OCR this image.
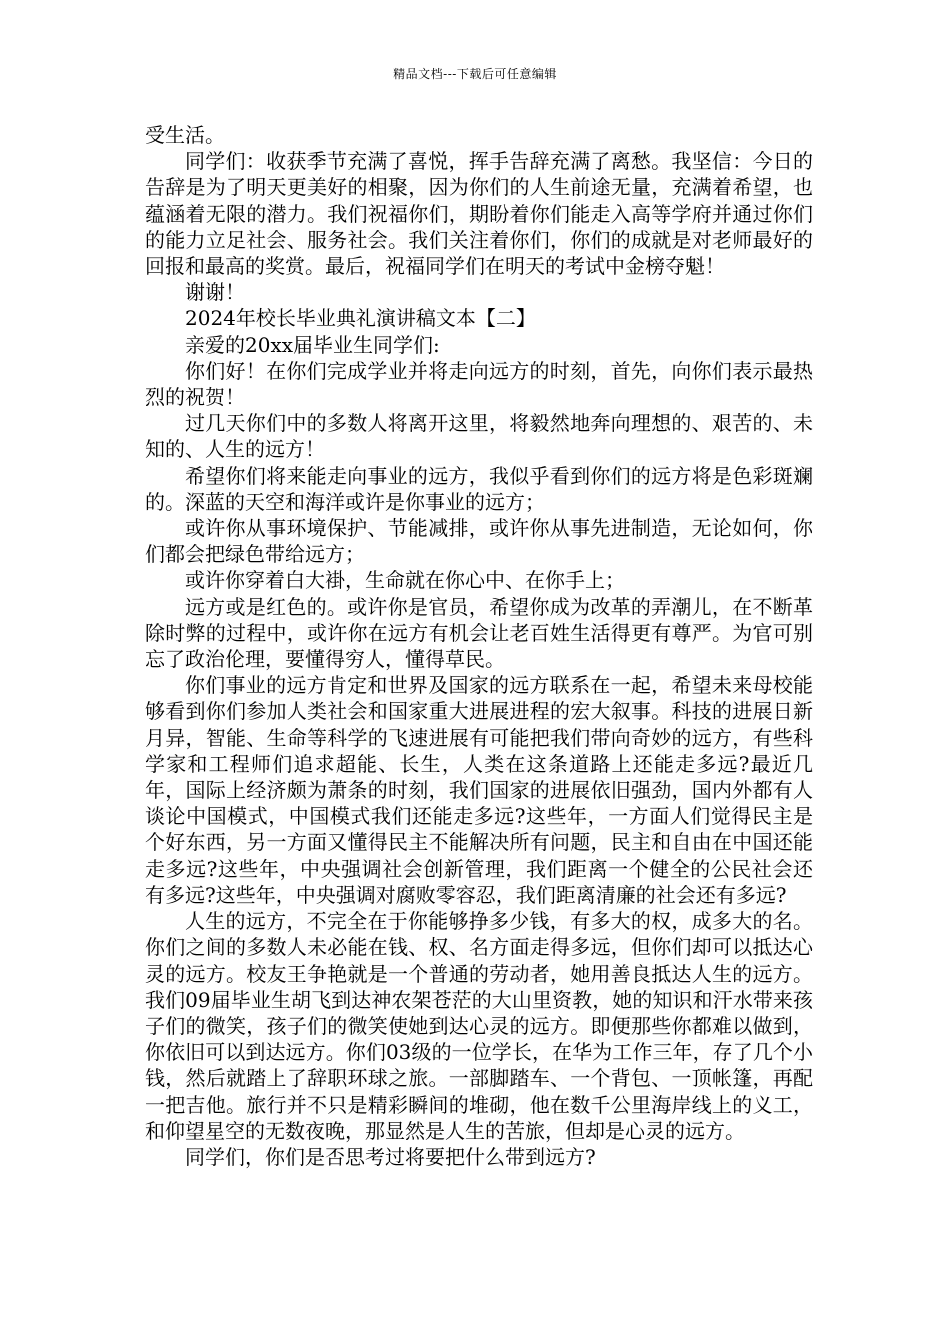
精品文档---下载后可任意编辑

受生活。

同学们：收获季节充满了喜悦，挥手告辞充满了离愁。我坚信：今日的告辞是为了明天更美好的相聚，因为你们的人生前途无量，充满着希望，也蕴涵着无限的潜力。我们祝福你们，期盼着你们能走入高等学府并通过你们的能力立足社会、服务社会。我们关注着你们，你们的成就是对老师最好的回报和最高的奖赏。最后，祝福同学们在明天的考试中金榜夺魁！

谢谢！

2024年校长毕业典礼演讲稿文本【二】

亲爱的20xx届毕业生同学们:

你们好！在你们完成学业并将走向远方的时刻，首先，向你们表示最热烈的祝贺！

过几天你们中的多数人将离开这里，将毅然地奔向理想的、艰苦的、未知的、人生的远方！

希望你们将来能走向事业的远方，我似乎看到你们的远方将是色彩斑斓的。深蓝的天空和海洋或许是你事业的远方；

或许你从事环境保护、节能减排，或许你从事先进制造，无论如何，你们都会把绿色带给远方；

或许你穿着白大褂，生命就在你心中、在你手上；

远方或是红色的。或许你是官员，希望你成为改革的弄潮儿，在不断革除时弊的过程中，或许你在远方有机会让老百姓生活得更有尊严。为官可别忘了政治伦理，要懂得穷人，懂得草民。

你们事业的远方肯定和世界及国家的远方联系在一起，希望未来母校能够看到你们参加人类社会和国家重大进展进程的宏大叙事。科技的进展日新月异，智能、生命等科学的飞速进展有可能把我们带向奇妙的远方，有些科学家和工程师们追求超能、长生，人类在这条道路上还能走多远?最近几年，国际上经济颇为萧条的时刻，我们国家的进展依旧强劲，国内外都有人谈论中国模式，中国模式我们还能走多远?这些年，一方面人们觉得民主是个好东西，另一方面又懂得民主不能解决所有问题，民主和自由在中国还能走多远?这些年，中央强调社会创新管理，我们距离一个健全的公民社会还有多远?这些年，中央强调对腐败零容忍，我们距离清廉的社会还有多远?

人生的远方，不完全在于你能够挣多少钱，有多大的权，成多大的名。你们之间的多数人未必能在钱、权、名方面走得多远，但你们却可以抵达心灵的远方。校友王争艳就是一个普通的劳动者，她用善良抵达人生的远方。我们09届毕业生胡飞到达神农架苍茫的大山里资教，她的知识和汗水带来孩子们的微笑，孩子们的微笑使她到达心灵的远方。即便那些你都难以做到，你依旧可以到达远方。你们03级的一位学长，在华为工作三年，存了几个小钱，然后就踏上了辞职环球之旅。一部脚踏车、一个背包、一顶帐篷，再配一把吉他。旅行并不只是精彩瞬间的堆砌，他在数千公里海岸线上的义工，和仰望星空的无数夜晚，那显然是人生的苦旅，但却是心灵的远方。

同学们，你们是否思考过将要把什么带到远方?
